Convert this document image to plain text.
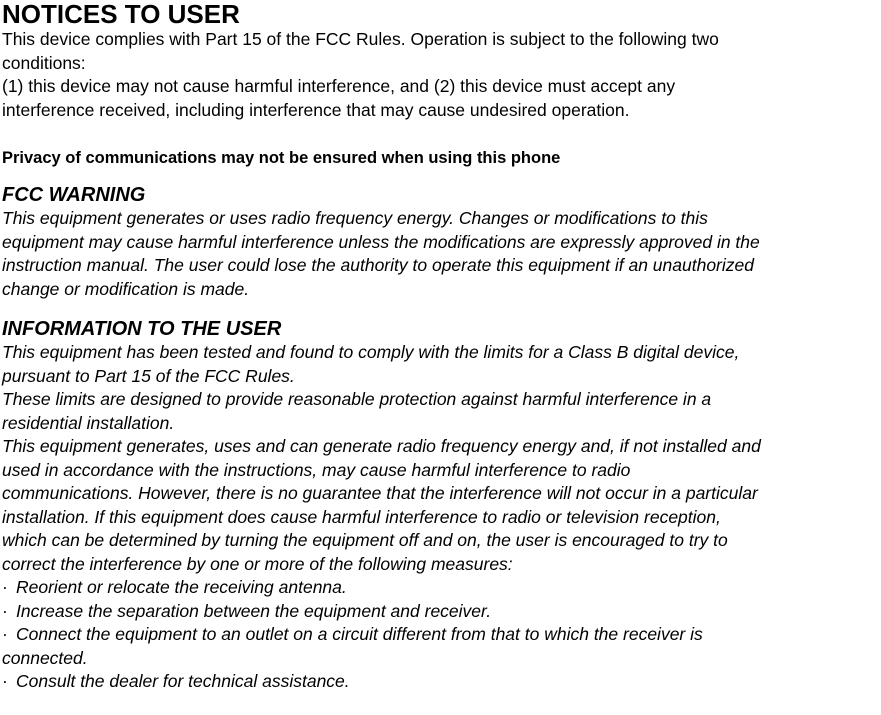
NOTICES TO USER

This device complies with Part 15 of the FCC Rules. Operation is subject to the following two

conditions:

(1) this device may not cause harmful interference, and (2) this device must accept any

interference received, including interference that may cause undesired operation.

Privacy of communications may not be ensured when using this phone

FCC WARNING

This equipment generates or uses radio frequency energy. Changes or modifications to this

equipment may cause harmful interference unless the modifications are expressly approved in the

instruction manual. The user could lose the authority to operate this equipment if an unauthorized

change or modification is made.

INFORMATION TO THE USER

This equipment has been tested and found to comply with the limits for a Class B digital device,

pursuant to Part 15 of the FCC Rules.

These limits are designed to provide reasonable protection against harmful interference in a

residential installation.

This equipment generates, uses and can generate radio frequency energy and, if not installed and

used in accordance with the instructions, may cause harmful interference to radio

communications. However, there is no guarantee that the interference will not occur in a particular

installation. If this equipment does cause harmful interference to radio or television reception,

which can be determined by turning the equipment off and on, the user is encouraged to try to

correct the interference by one or more of the following measures:

· Reorient or relocate the receiving antenna.

· Increase the separation between the equipment and receiver.

· Connect the equipment to an outlet on a circuit different from that to which the receiver is

connected.

· Consult the dealer for technical assistance.
